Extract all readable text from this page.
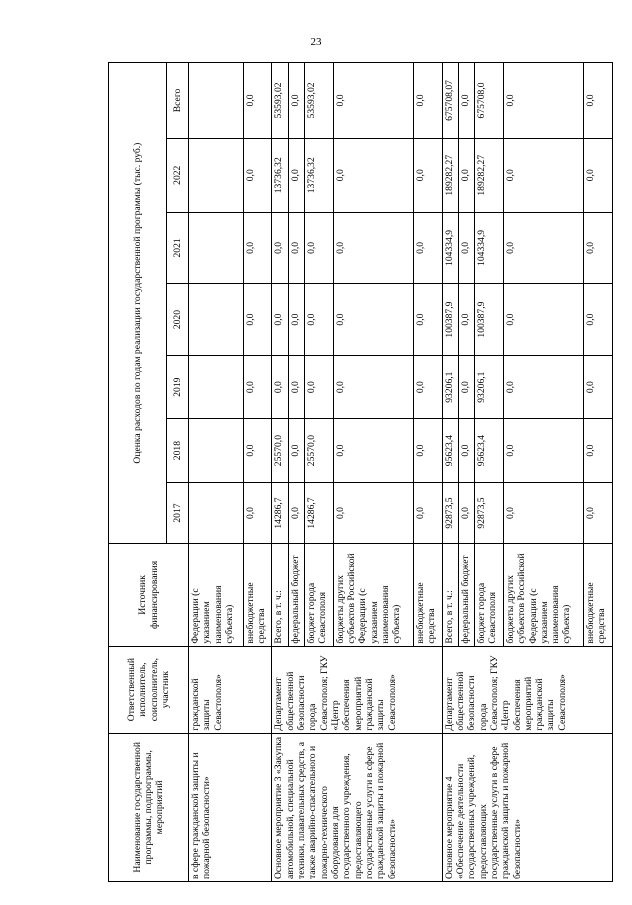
23
Наименование государственной программы, подпрограммы, мероприятий	Ответственный исполнитель, соисполнитель, участник	Источник финансирования	Оценка расходов по годам реализации государственной программы (тыс. руб.)						
			2017	2018	2019	2020	2021	2022	Всего
в сфере гражданской защиты и пожарной безопасности»	гражданской защиты Севастополя»	Федерации (с указанием наименования субъекта)							
		внебюджетные средства	0,0	0,0	0,0	0,0	0,0	0,0	0,0
Основное мероприятие 3 «Закупка автомобильной, специальной техники, плавательных средств, а также аварийно-спасательного и пожарно-технического оборудования для государственного учреждения, предоставляющего государственные услуги в сфере гражданской защиты и пожарной безопасности»	Департамент общественной безопасности города Севастополя; ГКУ «Центр обеспечения мероприятий гражданской защиты Севастополя»	Всего, в т. ч.:	14286,7	25570,0	0,0	0,0	0,0	13736,32	53593,02
		федеральный бюджет	0,0	0,0	0,0	0,0	0,0	0,0	0,0
		бюджет города Севастополя	14286,7	25570,0	0,0	0,0	0,0	13736,32	53593,02
		бюджеты других субъектов Российской Федерации (с указанием наименования субъекта)	0,0	0,0	0,0	0,0	0,0	0,0	0,0
		внебюджетные средства	0,0	0,0	0,0	0,0	0,0	0,0	0,0
Основное мероприятие 4 «Обеспечение деятельности государственных учреждений, предоставляющих государственные услуги в сфере гражданской защиты и пожарной безопасности»	Департамент общественной безопасности города Севастополя; ГКУ «Центр обеспечения мероприятий гражданской защиты Севастополя»	Всего, в т. ч.:	92873,5	95623,4	93206,1	100387,9	104334,9	189282,27	675708,07
		федеральный бюджет	0,0	0,0	0,0	0,0	0,0	0,0	0,0
		бюджет города Севастополя	92873,5	95623,4	93206,1	100387,9	104334,9	189282,27	675708,0
		бюджеты других субъектов Российской Федерации (с указанием наименования субъекта)	0,0	0,0	0,0	0,0	0,0	0,0	0,0
		внебюджетные средства	0,0	0,0	0,0	0,0	0,0	0,0	0,0
